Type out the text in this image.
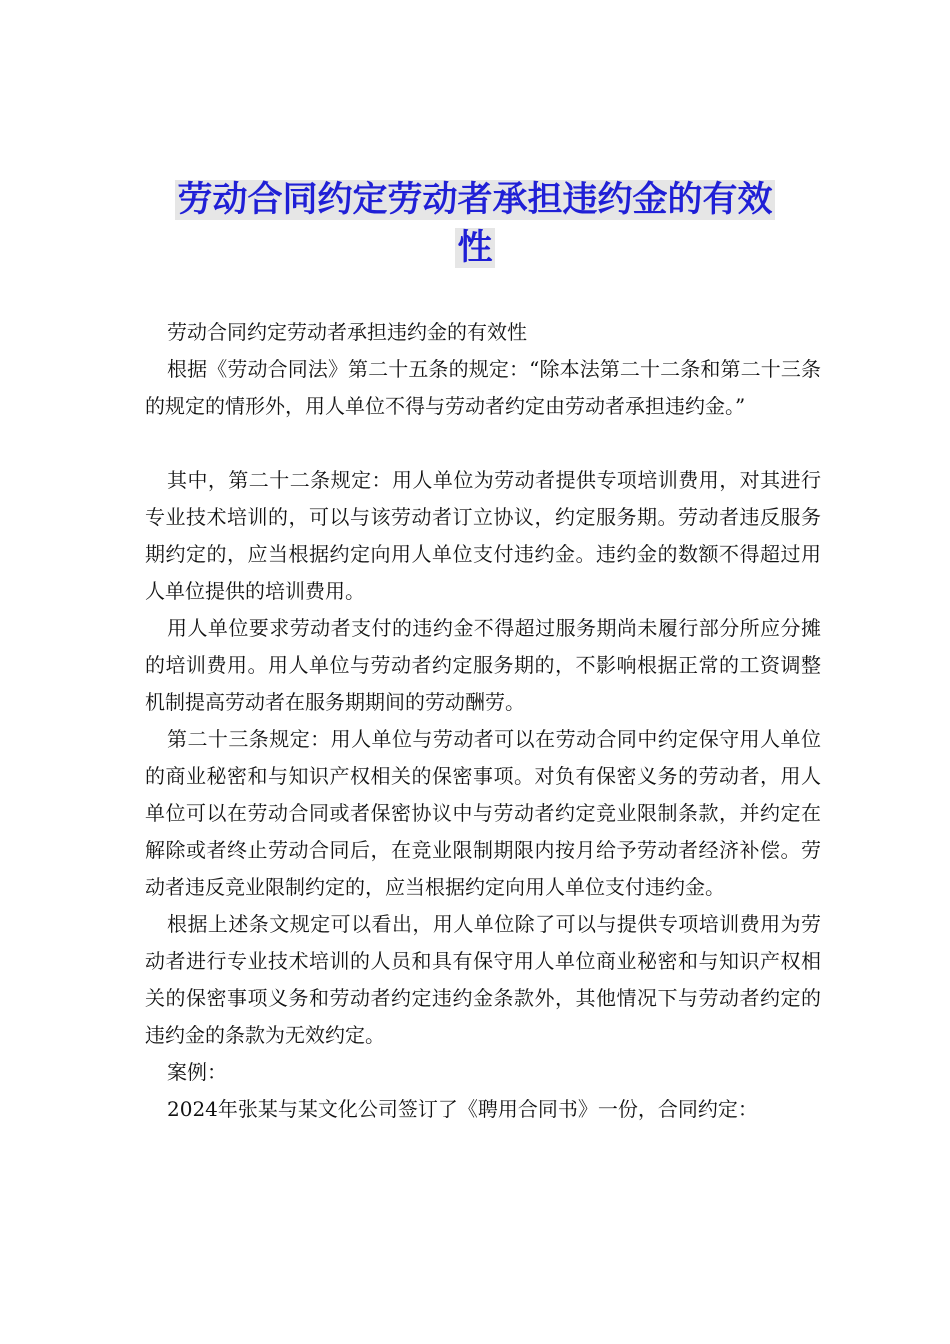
劳动合同约定劳动者承担违约金的有效
性

劳动合同约定劳动者承担违约金的有效性

根据《劳动合同法》第二十五条的规定：“除本法第二十二条和第二十三条的规定的情形外，用人单位不得与劳动者约定由劳动者承担违约金。”

其中，第二十二条规定：用人单位为劳动者提供专项培训费用，对其进行专业技术培训的，可以与该劳动者订立协议，约定服务期。劳动者违反服务期约定的，应当根据约定向用人单位支付违约金。违约金的数额不得超过用人单位提供的培训费用。

用人单位要求劳动者支付的违约金不得超过服务期尚未履行部分所应分摊的培训费用。用人单位与劳动者约定服务期的，不影响根据正常的工资调整机制提高劳动者在服务期期间的劳动酬劳。

第二十三条规定：用人单位与劳动者可以在劳动合同中约定保守用人单位的商业秘密和与知识产权相关的保密事项。对负有保密义务的劳动者，用人单位可以在劳动合同或者保密协议中与劳动者约定竞业限制条款，并约定在解除或者终止劳动合同后，在竞业限制期限内按月给予劳动者经济补偿。劳动者违反竞业限制约定的，应当根据约定向用人单位支付违约金。

根据上述条文规定可以看出，用人单位除了可以与提供专项培训费用为劳动者进行专业技术培训的人员和具有保守用人单位商业秘密和与知识产权相关的保密事项义务和劳动者约定违约金条款外，其他情况下与劳动者约定的违约金的条款为无效约定。

案例：

2024年张某与某文化公司签订了《聘用合同书》一份，合同约定：
